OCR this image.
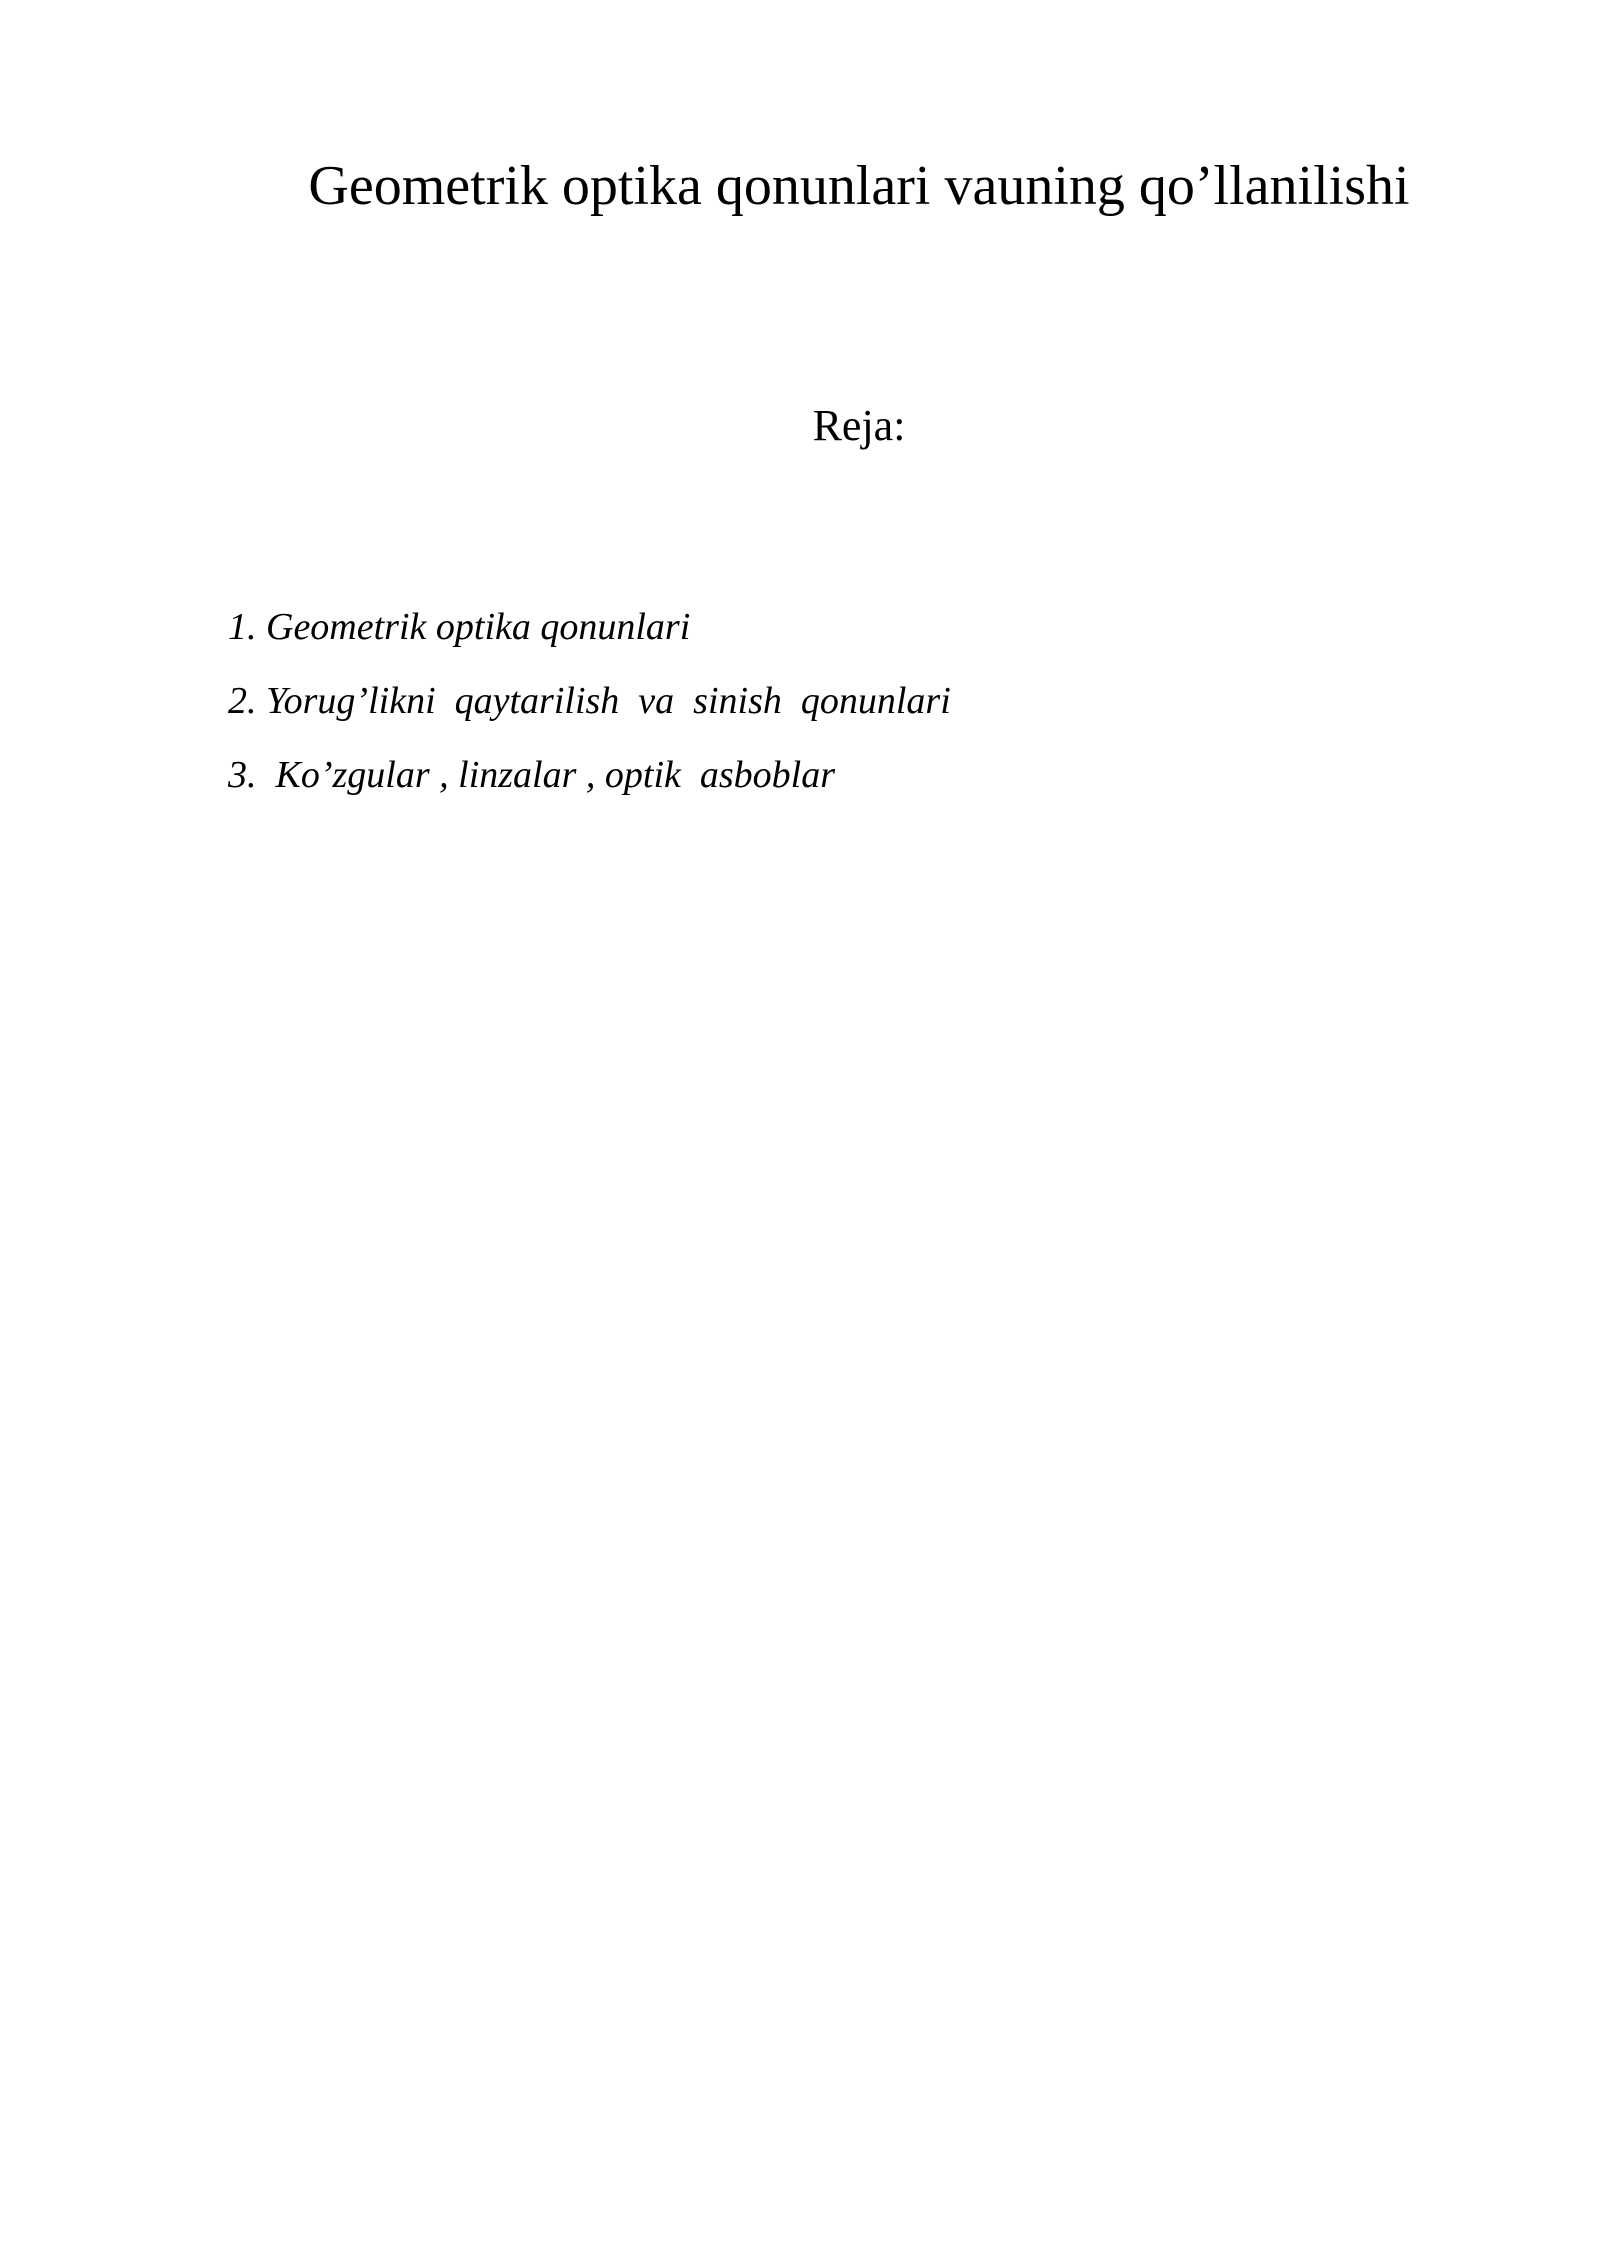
Geometrik optika qonunlari vauning qo’llanilishi
Reja:
1. Geometrik optika qonunlari
2. Yorug’likni  qaytarilish  va  sinish  qonunlari
3.  Ko’zgular , linzalar , optik  asboblar
